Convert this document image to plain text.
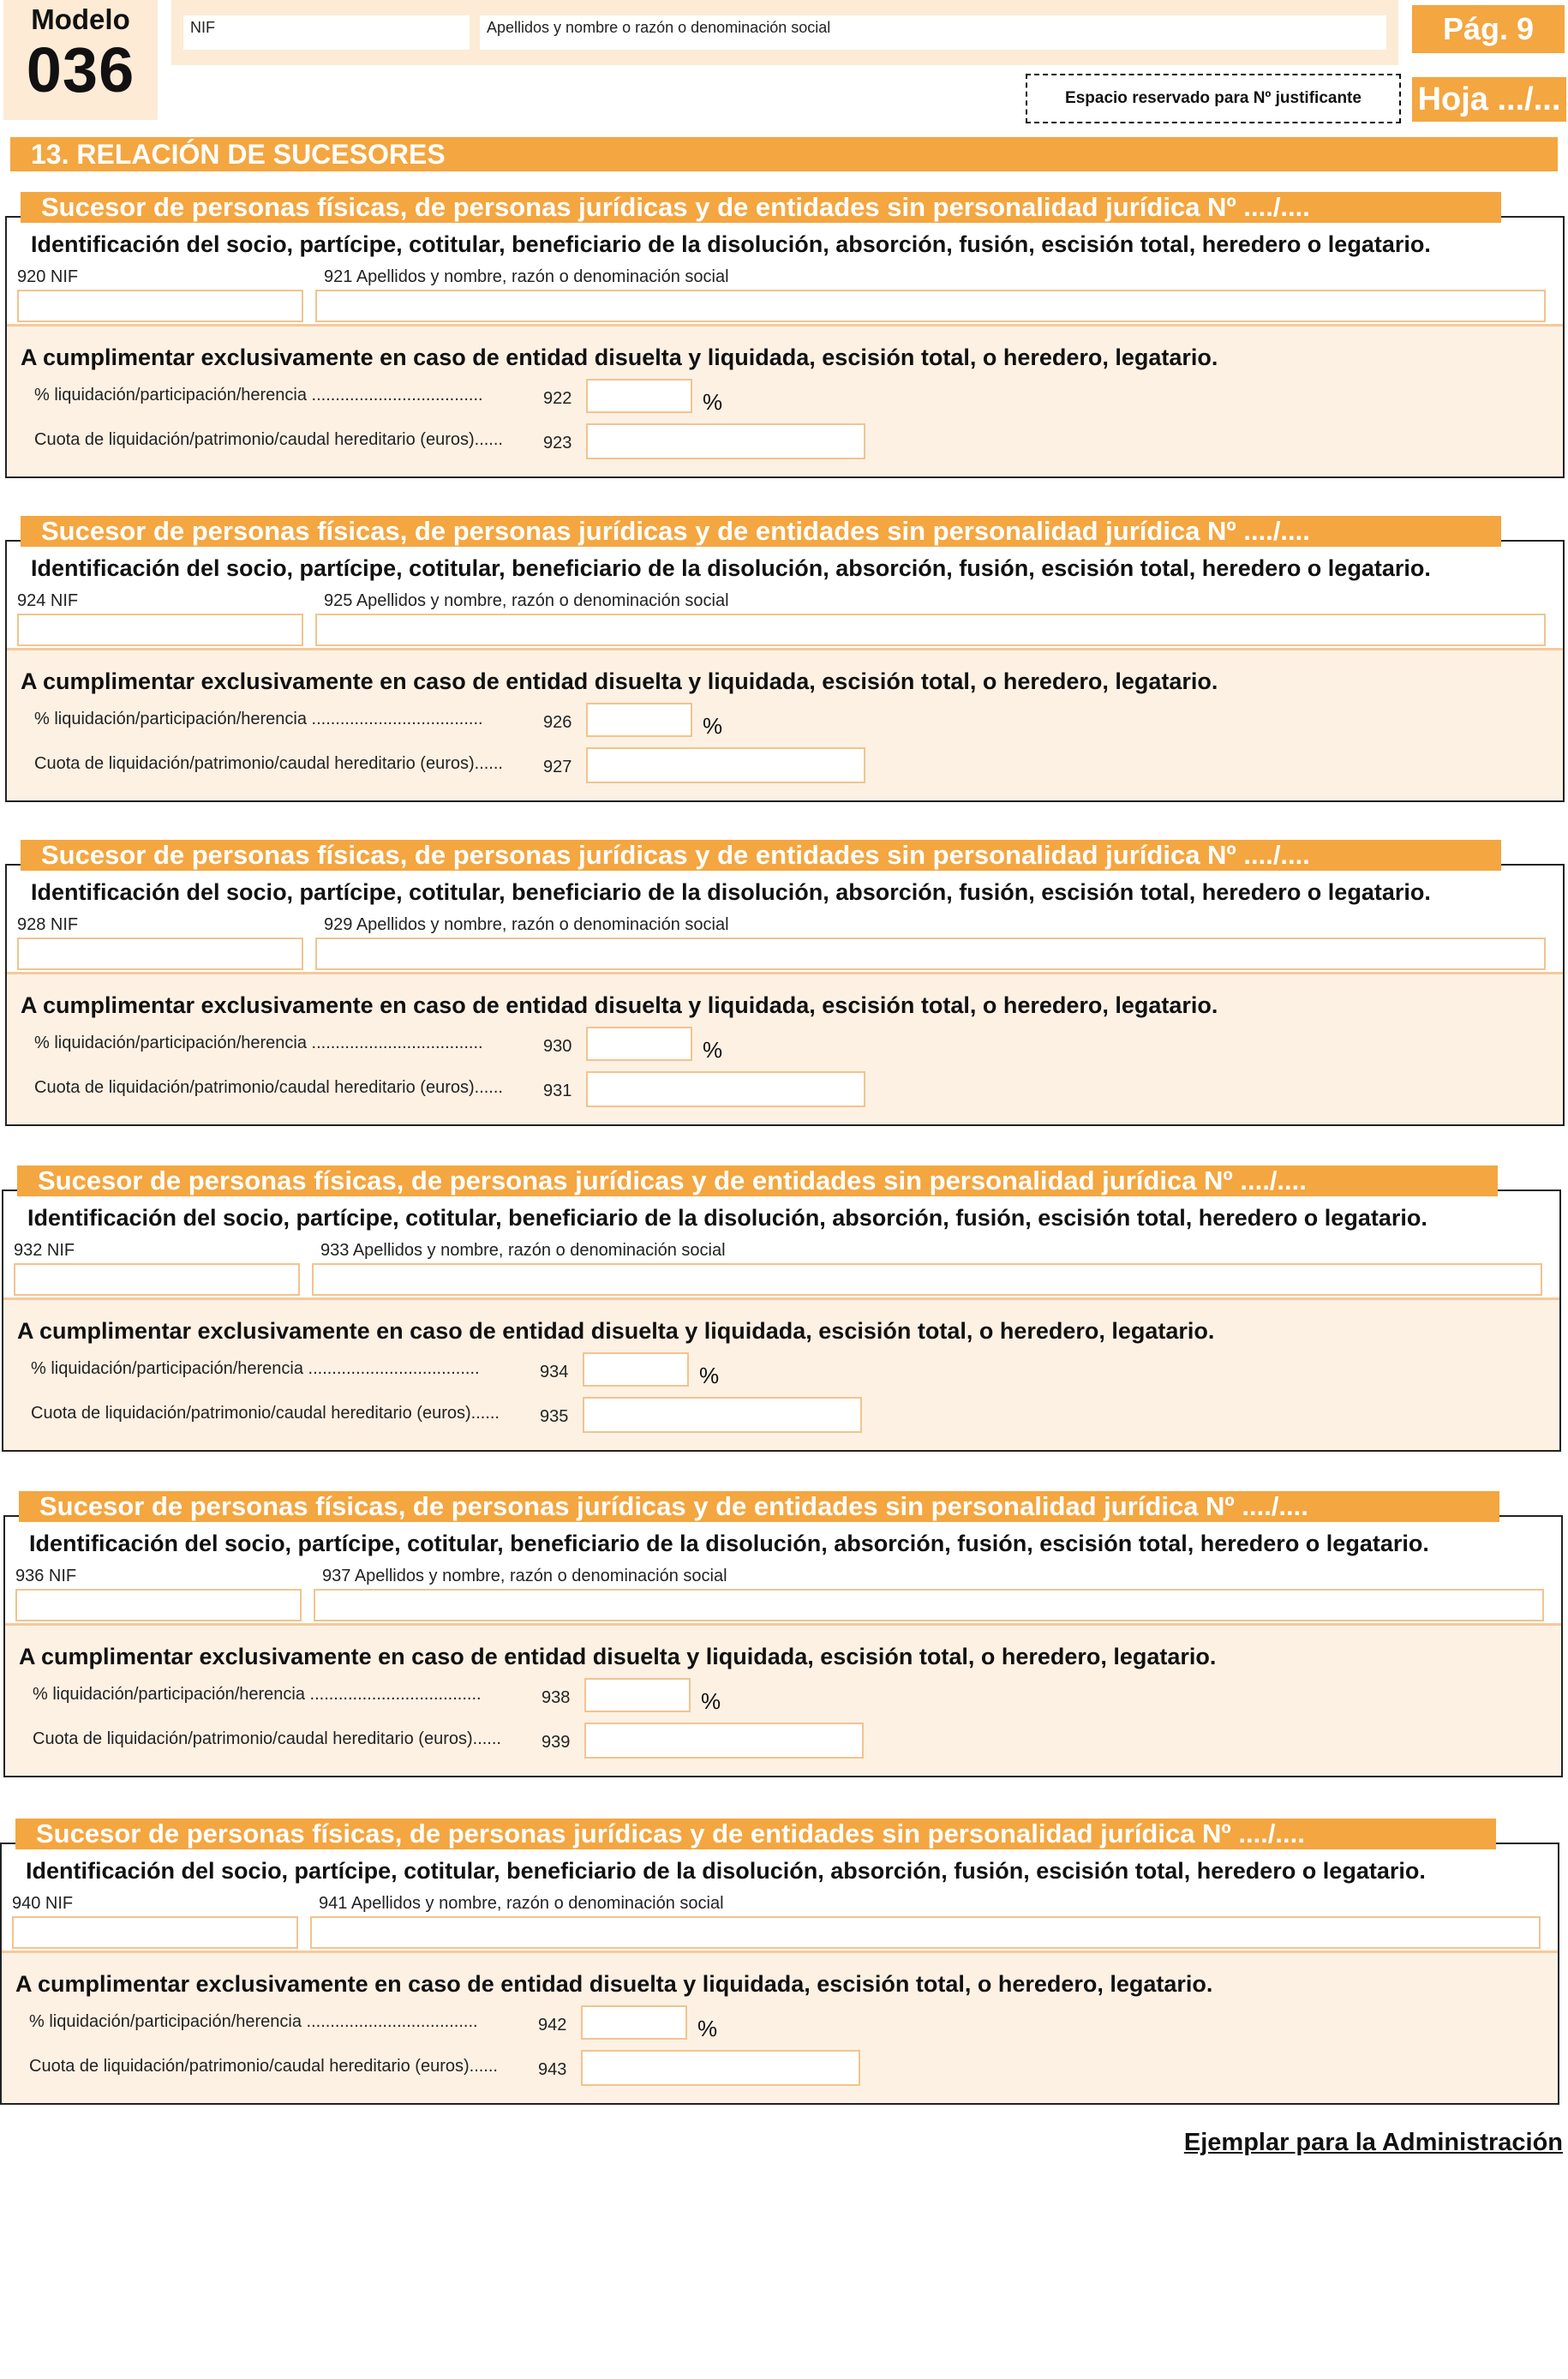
Modelo
036
NIF	Apellidos y nombre o razón o denominación social	Pág. 9
Espacio reservado para Nº justificante	Hoja .../...
13. RELACIÓN DE SUCESORES
Sucesor de personas físicas, de personas jurídicas y de entidades sin personalidad jurídica Nº ..../....
Identificación del socio, partícipe, cotitular, beneficiario de la disolución, absorción, fusión, escisión total, heredero o legatario.
920 NIF	921 Apellidos y nombre, razón o denominación social
A cumplimentar exclusivamente en caso de entidad disuelta y liquidada, escisión total, o heredero, legatario.
% liquidación/participación/herencia ....................................	922	%
Cuota de liquidación/patrimonio/caudal hereditario (euros)...... 923
Sucesor de personas físicas, de personas jurídicas y de entidades sin personalidad jurídica Nº ..../....
Identificación del socio, partícipe, cotitular, beneficiario de la disolución, absorción, fusión, escisión total, heredero o legatario.
924 NIF	925 Apellidos y nombre, razón o denominación social
A cumplimentar exclusivamente en caso de entidad disuelta y liquidada, escisión total, o heredero, legatario.
% liquidación/participación/herencia ....................................	926	%
Cuota de liquidación/patrimonio/caudal hereditario (euros)...... 927
Sucesor de personas físicas, de personas jurídicas y de entidades sin personalidad jurídica Nº ..../....
Identificación del socio, partícipe, cotitular, beneficiario de la disolución, absorción, fusión, escisión total, heredero o legatario.
928 NIF	929 Apellidos y nombre, razón o denominación social
A cumplimentar exclusivamente en caso de entidad disuelta y liquidada, escisión total, o heredero, legatario.
% liquidación/participación/herencia ....................................	930	%
Cuota de liquidación/patrimonio/caudal hereditario (euros)...... 931
Sucesor de personas físicas, de personas jurídicas y de entidades sin personalidad jurídica Nº ..../....
Identificación del socio, partícipe, cotitular, beneficiario de la disolución, absorción, fusión, escisión total, heredero o legatario.
932 NIF	933 Apellidos y nombre, razón o denominación social
A cumplimentar exclusivamente en caso de entidad disuelta y liquidada, escisión total, o heredero, legatario.
% liquidación/participación/herencia ....................................	934	%
Cuota de liquidación/patrimonio/caudal hereditario (euros)...... 935
Sucesor de personas físicas, de personas jurídicas y de entidades sin personalidad jurídica Nº ..../....
Identificación del socio, partícipe, cotitular, beneficiario de la disolución, absorción, fusión, escisión total, heredero o legatario.
936 NIF	937 Apellidos y nombre, razón o denominación social
A cumplimentar exclusivamente en caso de entidad disuelta y liquidada, escisión total, o heredero, legatario.
% liquidación/participación/herencia ....................................	938	%
Cuota de liquidación/patrimonio/caudal hereditario (euros)...... 939
Sucesor de personas físicas, de personas jurídicas y de entidades sin personalidad jurídica Nº ..../....
Identificación del socio, partícipe, cotitular, beneficiario de la disolución, absorción, fusión, escisión total, heredero o legatario.
940 NIF	941 Apellidos y nombre, razón o denominación social
A cumplimentar exclusivamente en caso de entidad disuelta y liquidada, escisión total, o heredero, legatario.
% liquidación/participación/herencia ....................................	942	%
Cuota de liquidación/patrimonio/caudal hereditario (euros)...... 943
Ejemplar para la Administración
